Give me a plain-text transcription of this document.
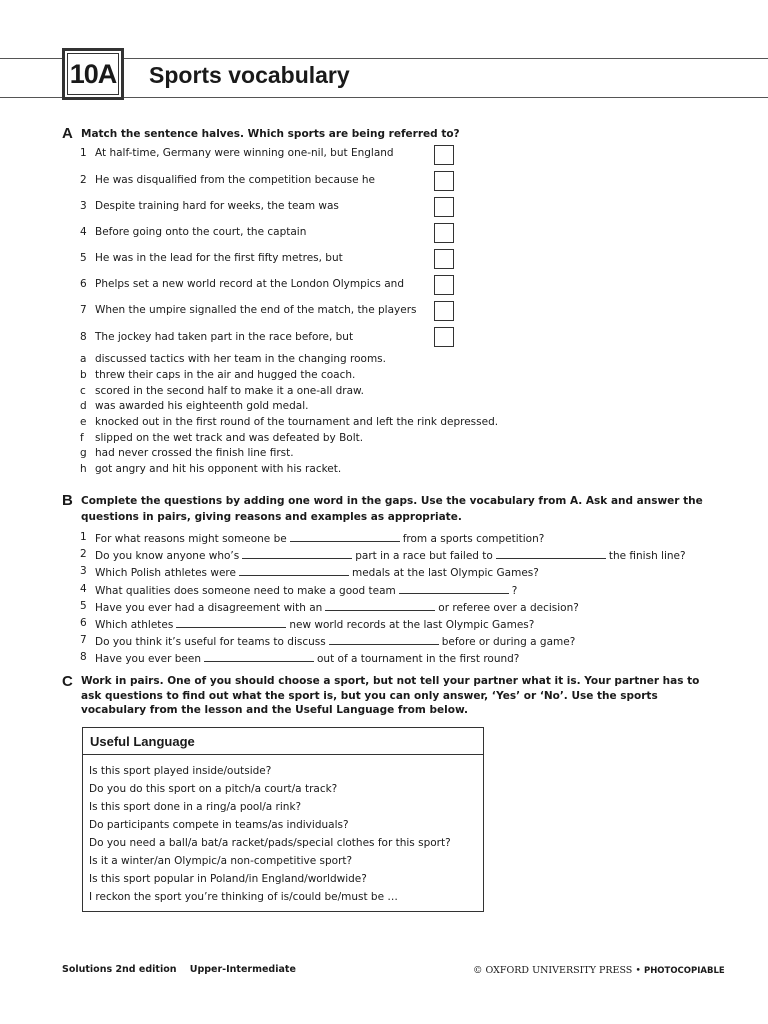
10A Sports vocabulary
A Match the sentence halves. Which sports are being referred to?
1 At half-time, Germany were winning one-nil, but England
2 He was disqualified from the competition because he
3 Despite training hard for weeks, the team was
4 Before going onto the court, the captain
5 He was in the lead for the first fifty metres, but
6 Phelps set a new world record at the London Olympics and
7 When the umpire signalled the end of the match, the players
8 The jockey had taken part in the race before, but
a discussed tactics with her team in the changing rooms.
b threw their caps in the air and hugged the coach.
c scored in the second half to make it a one-all draw.
d was awarded his eighteenth gold medal.
e knocked out in the first round of the tournament and left the rink depressed.
f slipped on the wet track and was defeated by Bolt.
g had never crossed the finish line first.
h got angry and hit his opponent with his racket.
B Complete the questions by adding one word in the gaps. Use the vocabulary from A. Ask and answer the questions in pairs, giving reasons and examples as appropriate.
1 For what reasons might someone be	from a sports competition?
2 Do you know anyone who’s	part in a race but failed to	the finish line?
3 Which Polish athletes were	medals at the last Olympic Games?
4 What qualities does someone need to make a good team	?
5 Have you ever had a disagreement with an	or referee over a decision?
6 Which athletes	new world records at the last Olympic Games?
7 Do you think it’s useful for teams to discuss	before or during a game?
8 Have you ever been	out of a tournament in the first round?
C Work in pairs. One of you should choose a sport, but not tell your partner what it is. Your partner has to ask questions to find out what the sport is, but you can only answer, ‘Yes’ or ‘No’. Use the sports vocabulary from the lesson and the Useful Language from below.
Useful Language
Is this sport played inside/outside?
Do you do this sport on a pitch/a court/a track?
Is this sport done in a ring/a pool/a rink?
Do participants compete in teams/as individuals?
Do you need a ball/a bat/a racket/pads/special clothes for this sport?
Is it a winter/an Olympic/a non-competitive sport?
Is this sport popular in Poland/in England/worldwide?
I reckon the sport you’re thinking of is/could be/must be …
Solutions 2nd edition    Upper-Intermediate	© OXFORD UNIVERSITY PRESS • PHOTOCOPIABLE
